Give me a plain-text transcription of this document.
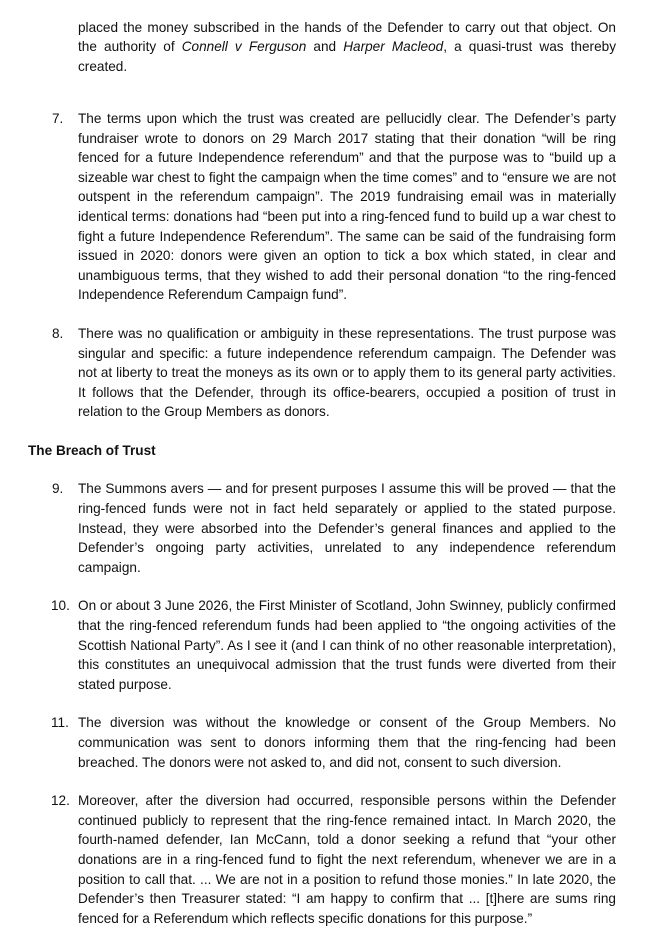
placed the money subscribed in the hands of the Defender to carry out that object. On the authority of Connell v Ferguson and Harper Macleod, a quasi-trust was thereby created.

7.	The terms upon which the trust was created are pellucidly clear. The Defender’s party fundraiser wrote to donors on 29 March 2017 stating that their donation “will be ring fenced for a future Independence referendum” and that the purpose was to “build up a sizeable war chest to fight the campaign when the time comes” and to “ensure we are not outspent in the referendum campaign”. The 2019 fundraising email was in materially identical terms: donations had “been put into a ring-fenced fund to build up a war chest to fight a future Independence Referendum”. The same can be said of the fundraising form issued in 2020: donors were given an option to tick a box which stated, in clear and unambiguous terms, that they wished to add their personal donation “to the ring-fenced Independence Referendum Campaign fund”.
8.	There was no qualification or ambiguity in these representations. The trust purpose was singular and specific: a future independence referendum campaign. The Defender was not at liberty to treat the moneys as its own or to apply them to its general party activities. It follows that the Defender, through its office-bearers, occupied a position of trust in relation to the Group Members as donors.

The Breach of Trust

9.	The Summons avers — and for present purposes I assume this will be proved — that the ring-fenced funds were not in fact held separately or applied to the stated purpose. Instead, they were absorbed into the Defender’s general finances and applied to the Defender’s ongoing party activities, unrelated to any independence referendum campaign.
10. On or about 3 June 2026, the First Minister of Scotland, John Swinney, publicly confirmed that the ring-fenced referendum funds had been applied to “the ongoing activities of the Scottish National Party”. As I see it (and I can think of no other reasonable interpretation), this constitutes an unequivocal admission that the trust funds were diverted from their stated purpose.
11. The diversion was without the knowledge or consent of the Group Members. No communication was sent to donors informing them that the ring-fencing had been breached. The donors were not asked to, and did not, consent to such diversion.
12. Moreover, after the diversion had occurred, responsible persons within the Defender continued publicly to represent that the ring-fence remained intact. In March 2020, the fourth-named defender, Ian McCann, told a donor seeking a refund that “your other donations are in a ring-fenced fund to fight the next referendum, whenever we are in a position to call that. ... We are not in a position to refund those monies.” In late 2020, the Defender’s then Treasurer stated: “I am happy to confirm that ... [t]here are sums ring fenced for a Referendum which reflects specific donations for this purpose.”
